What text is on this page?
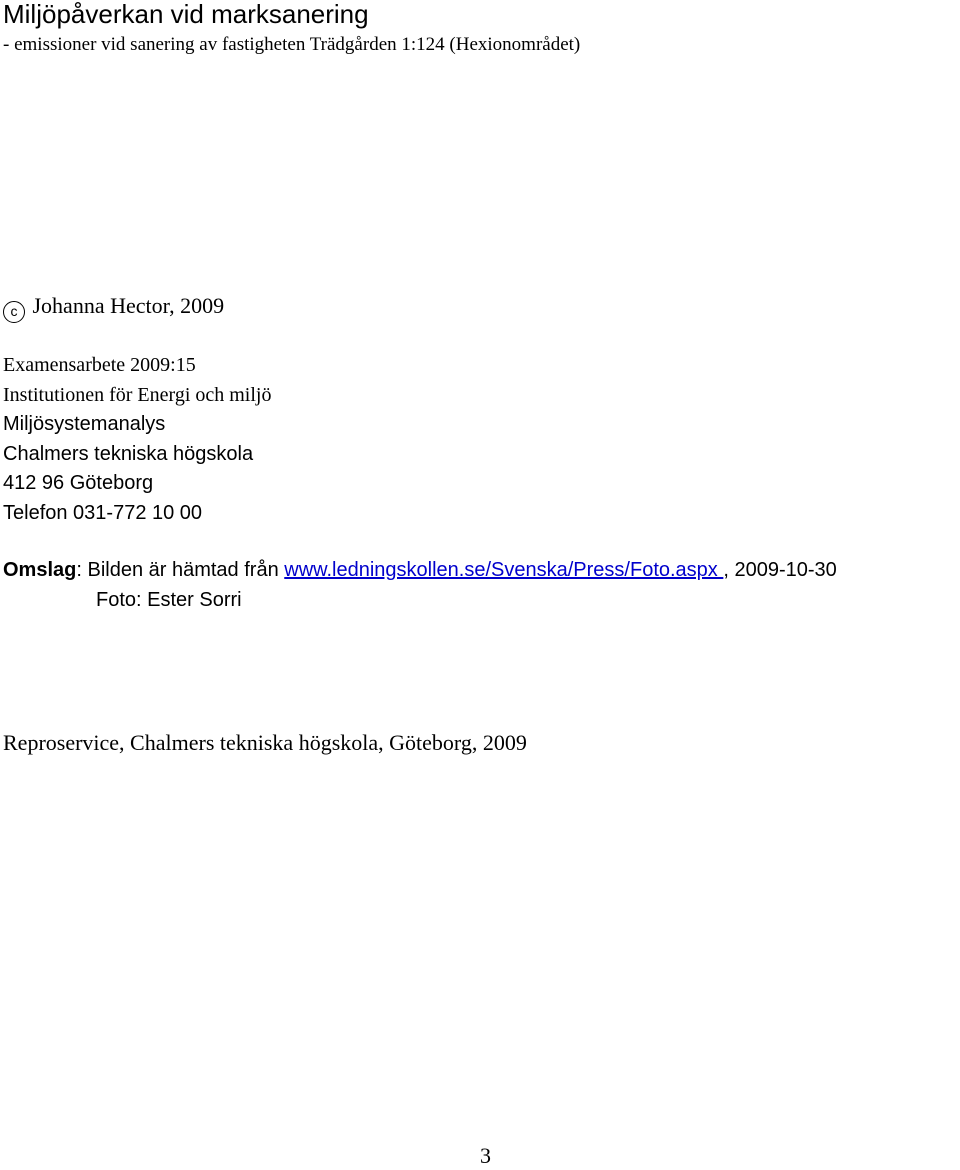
Miljöpåverkan vid marksanering
- emissioner vid sanering av fastigheten Trädgården 1:124 (Hexionområdet)
c Johanna Hector, 2009
Examensarbete 2009:15
Institutionen för Energi och miljö
Miljösystemanalys
Chalmers tekniska högskola
412 96 Göteborg
Telefon 031-772 10 00
Omslag: Bilden är hämtad från www.ledningskollen.se/Svenska/Press/Foto.aspx , 2009-10-30
Foto: Ester Sorri
Reproservice, Chalmers tekniska högskola, Göteborg, 2009
3
